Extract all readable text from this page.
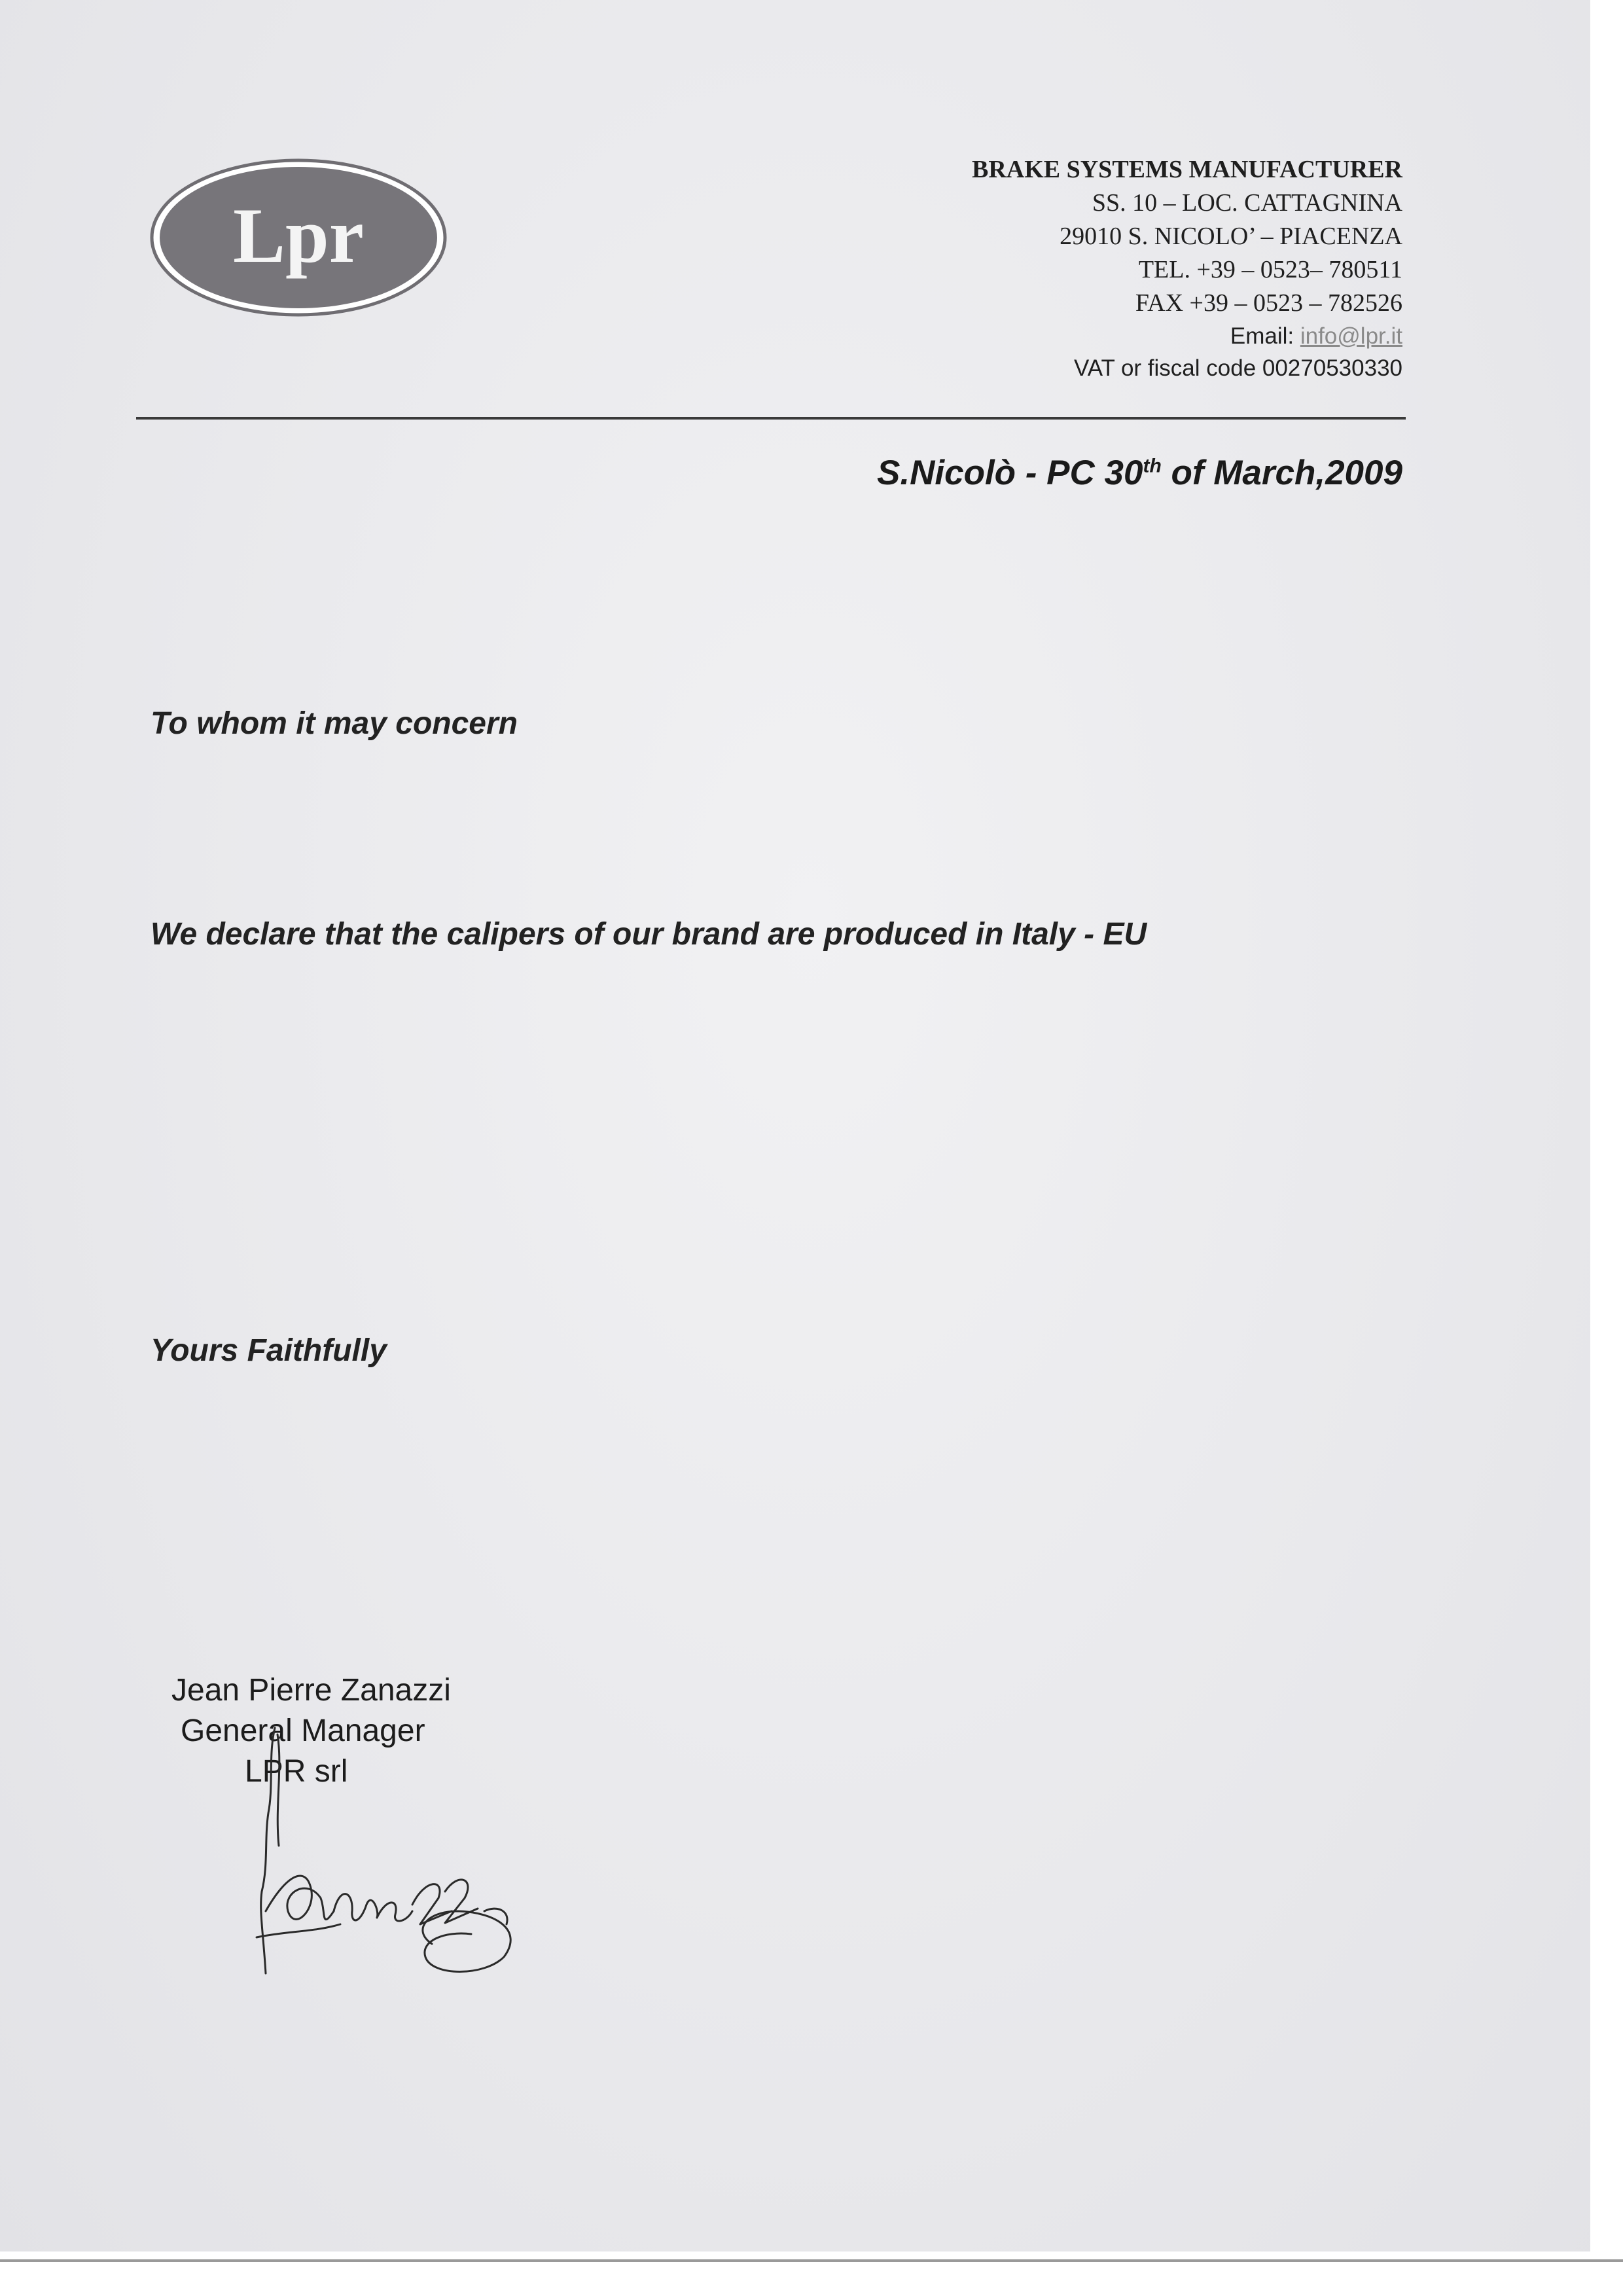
Lpr
BRAKE SYSTEMS MANUFACTURER
SS. 10 – LOC. CATTAGNINA
29010 S. NICOLO’ – PIACENZA
TEL. +39 – 0523– 780511
FAX +39 – 0523 – 782526
Email: info@lpr.it
VAT or fiscal code 00270530330
S.Nicolò - PC 30th of March,2009
To whom it may concern
We declare that the calipers of our brand are produced in Italy - EU
Yours Faithfully
Jean Pierre Zanazzi
General Manager
LPR srl
